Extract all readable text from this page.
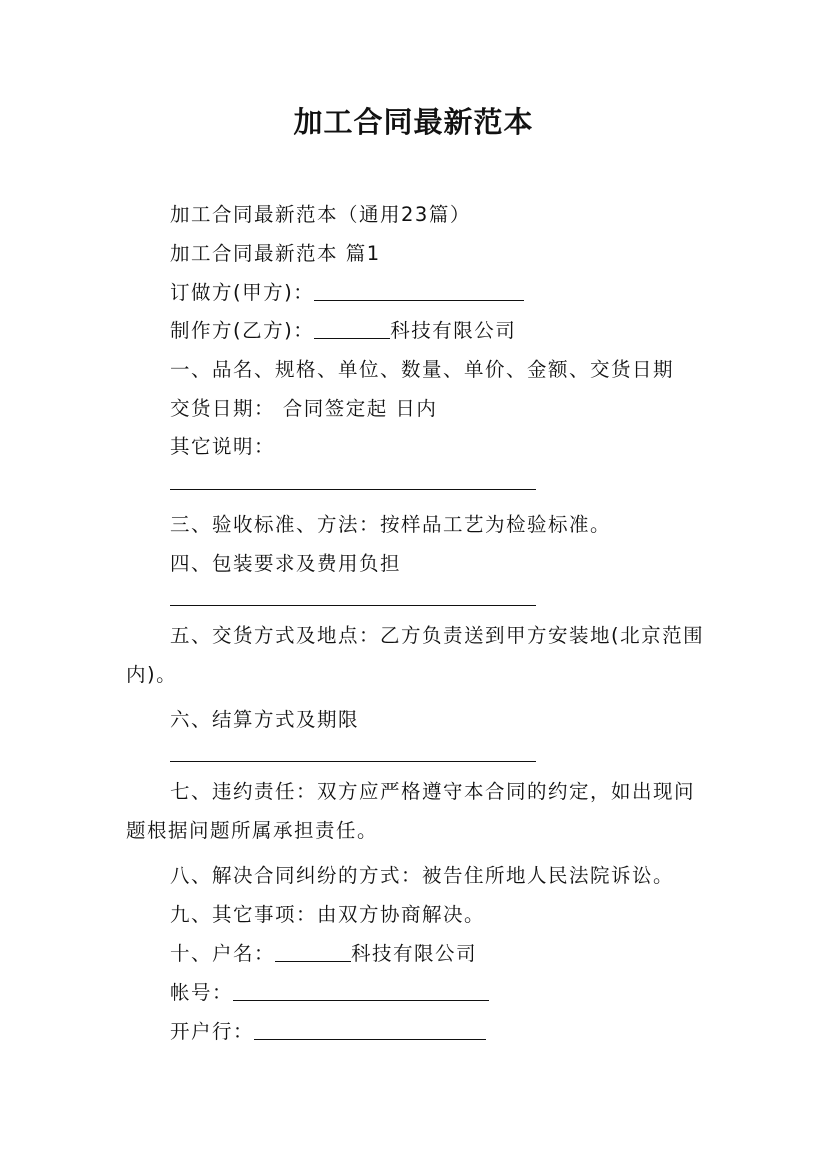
加工合同最新范本
加工合同最新范本（通用23篇）
加工合同最新范本 篇1
订做方(甲方)：
制作方(乙方)：	科技有限公司
一、品名、规格、单位、数量、单价、金额、交货日期
交货日期： 合同签定起 日内
其它说明：
三、验收标准、方法：按样品工艺为检验标准。
四、包装要求及费用负担
五、交货方式及地点：乙方负责送到甲方安装地(北京范围内)。
六、结算方式及期限
七、违约责任：双方应严格遵守本合同的约定，如出现问题根据问题所属承担责任。
八、解决合同纠纷的方式：被告住所地人民法院诉讼。
九、其它事项：由双方协商解决。
十、户名：	科技有限公司
帐号：
开户行：
